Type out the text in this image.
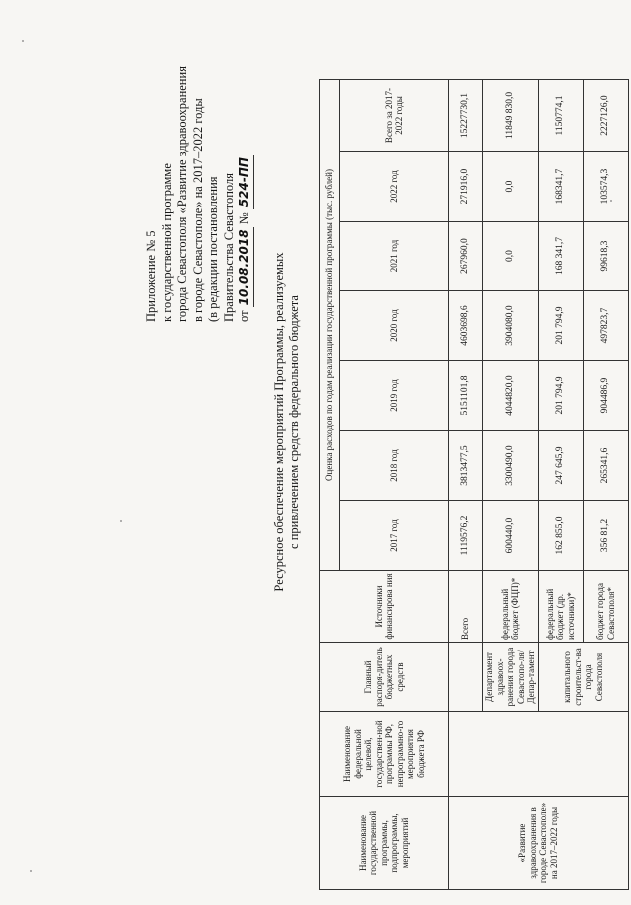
Приложение № 5 к государственной программе города Севастополя «Развитие здравоохранения в городе Севастополе» на 2017–2022 годы (в редакции постановления Правительства Севастополя от 10.08.2018 № 524-ПП
Ресурсное обеспечение мероприятий Программы, реализуемых с привлечением средств федерального бюджета
Наименование государственной программы, подпрограммы, мероприятий	Наименование федеральной целевой, государствен-ной программы РФ, непрограммно-го мероприятия бюджета РФ	Главный распоря-дитель бюджетных средств	Источники финансирова ния	Оценка расходов по годам реализации государственной программы (тыс. рублей)						
				2017 год	2018 год	2019 год	2020 год	2021 год	2022 год	Всего за 2017-2022 годы
«Развитие здравоохранения в городе Севастополе» на 2017–2022 годы			Всего	1119576,2	3813477,5	5151101,8	4603698,6	267960,0	271916,0	15227730,1
		Департамент здравоох-ранения города Севастопо-ля/Депар-тамент	федеральный бюджет (ФЦП)*	600440,0	3300490,0	4044820,0	3904080,0	0,0	0,0	11849 830,0
		капитального строительст-ва города Севастополя	федеральный бюджет (др. источники)*	162 855,0	247 645,9	201 794,9	201 794,9	168 341,7	168341,7	1150774,1
			бюджет города Севастополя*	356 81,2	265341,6	904486,9	497823,7	99618,3	103574,3	2227126,0
